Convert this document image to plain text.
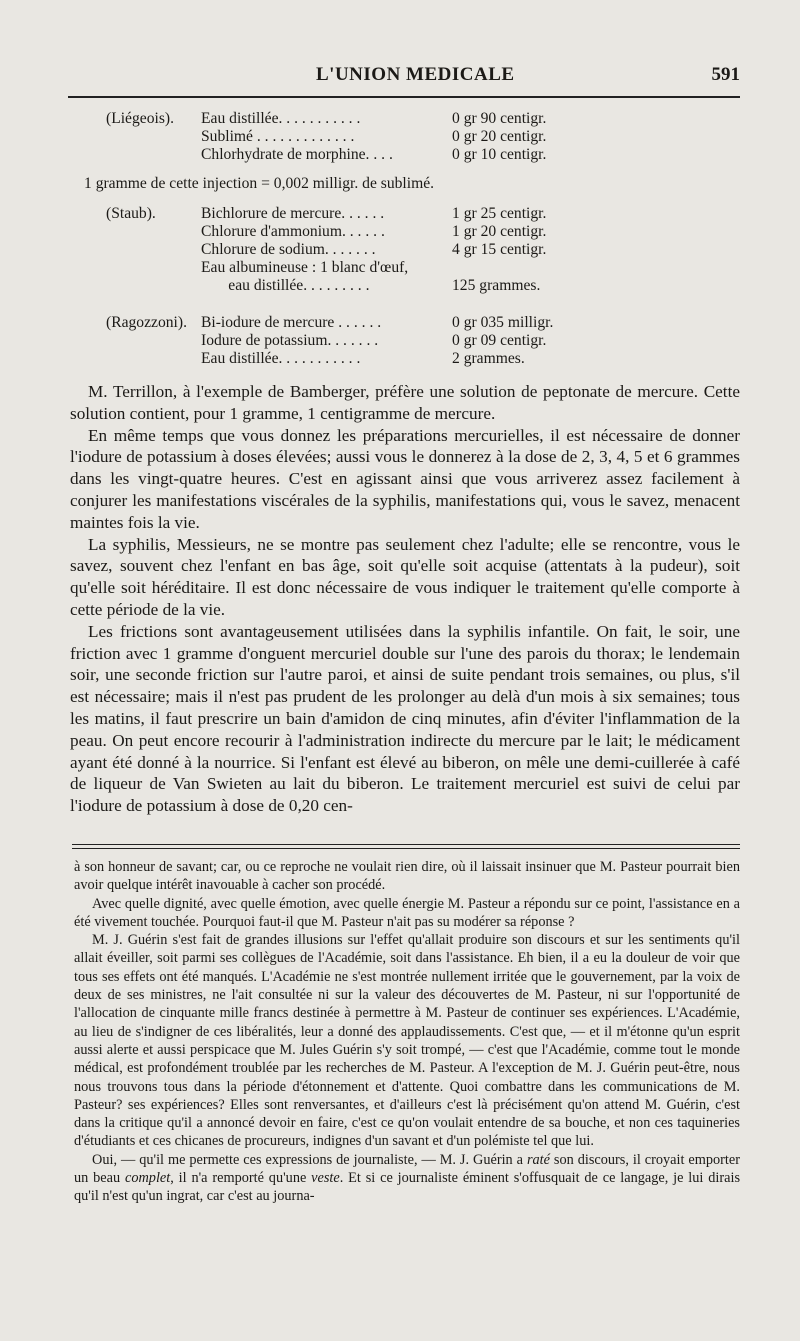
L'UNION MEDICALE	591
(Liégeois). Eau distillée. . . . . . . . . . .	0 gr 90 centigr.
Sublimé . . . . . . . . . . . . .	0 gr 20 centigr.
Chlorhydrate de morphine. . . .	0 gr 10 centigr.
1 gramme de cette injection = 0,002 milligr. de sublimé.
(Staub).	Bichlorure de mercure. . . . . .	1 gr 25 centigr.
Chlorure d'ammonium. . . . . .	1 gr 20 centigr.
Chlorure de sodium. . . . . . .	4 gr 15 centigr.
Eau albumineuse : 1 blanc d'œuf,
eau distillée. . . . . . . . .	125 grammes.
(Ragozzoni). Bi-iodure de mercure . . . . . .	0 gr 035 milligr.
Iodure de potassium. . . . . . .	0 gr 09 centigr.
Eau distillée. . . . . . . . . . .	2 grammes.

M. Terrillon, à l'exemple de Bamberger, préfère une solution de peptonate de mercure. Cette solution contient, pour 1 gramme, 1 centigramme de mercure.

En même temps que vous donnez les préparations mercurielles, il est nécessaire de donner l'iodure de potassium à doses élevées; aussi vous le donnerez à la dose de 2, 3, 4, 5 et 6 grammes dans les vingt-quatre heures. C'est en agissant ainsi que vous arriverez assez facilement à conjurer les manifestations viscérales de la syphilis, manifestations qui, vous le savez, menacent maintes fois la vie.

La syphilis, Messieurs, ne se montre pas seulement chez l'adulte; elle se rencontre, vous le savez, souvent chez l'enfant en bas âge, soit qu'elle soit acquise (attentats à la pudeur), soit qu'elle soit héréditaire. Il est donc nécessaire de vous indiquer le traitement qu'elle comporte à cette période de la vie.

Les frictions sont avantageusement utilisées dans la syphilis infantile. On fait, le soir, une friction avec 1 gramme d'onguent mercuriel double sur l'une des parois du thorax; le lendemain soir, une seconde friction sur l'autre paroi, et ainsi de suite pendant trois semaines, ou plus, s'il est nécessaire; mais il n'est pas prudent de les prolonger au delà d'un mois à six semaines; tous les matins, il faut prescrire un bain d'amidon de cinq minutes, afin d'éviter l'inflammation de la peau. On peut encore recourir à l'administration indirecte du mercure par le lait; le médicament ayant été donné à la nourrice. Si l'enfant est élevé au biberon, on mêle une demi-cuillerée à café de liqueur de Van Swieten au lait du biberon. Le traitement mercuriel est suivi de celui par l'iodure de potassium à dose de 0,20 cen-

à son honneur de savant; car, ou ce reproche ne voulait rien dire, où il laissait insinuer que M. Pasteur pourrait bien avoir quelque intérêt inavouable à cacher son procédé.

Avec quelle dignité, avec quelle émotion, avec quelle énergie M. Pasteur a répondu sur ce point, l'assistance en a été vivement touchée. Pourquoi faut-il que M. Pasteur n'ait pas su modérer sa réponse ?

M. J. Guérin s'est fait de grandes illusions sur l'effet qu'allait produire son discours et sur les sentiments qu'il allait éveiller, soit parmi ses collègues de l'Académie, soit dans l'assistance. Eh bien, il a eu la douleur de voir que tous ses effets ont été manqués. L'Académie ne s'est montrée nullement irritée que le gouvernement, par la voix de deux de ses ministres, ne l'ait consultée ni sur la valeur des découvertes de M. Pasteur, ni sur l'opportunité de l'allocation de cinquante mille francs destinée à permettre à M. Pasteur de continuer ses expériences. L'Académie, au lieu de s'indigner de ces libéralités, leur a donné des applaudissements. C'est que, — et il m'étonne qu'un esprit aussi alerte et aussi perspicace que M. Jules Guérin s'y soit trompé, — c'est que l'Académie, comme tout le monde médical, est profondément troublée par les recherches de M. Pasteur. A l'exception de M. J. Guérin peut-être, nous nous trouvons tous dans la période d'étonnement et d'attente. Quoi combattre dans les communications de M. Pasteur? ses expériences? Elles sont renversantes, et d'ailleurs c'est là précisément qu'on attend M. Guérin, c'est dans la critique qu'il a annoncé devoir en faire, c'est ce qu'on voulait entendre de sa bouche, et non ces taquineries d'étudiants et ces chicanes de procureurs, indignes d'un savant et d'un polémiste tel que lui.

Oui, — qu'il me permette ces expressions de journaliste, — M. J. Guérin a raté son discours, il croyait emporter un beau complet, il n'a remporté qu'une veste. Et si ce journaliste éminent s'offusquait de ce langage, je lui dirais qu'il n'est qu'un ingrat, car c'est au journa-
